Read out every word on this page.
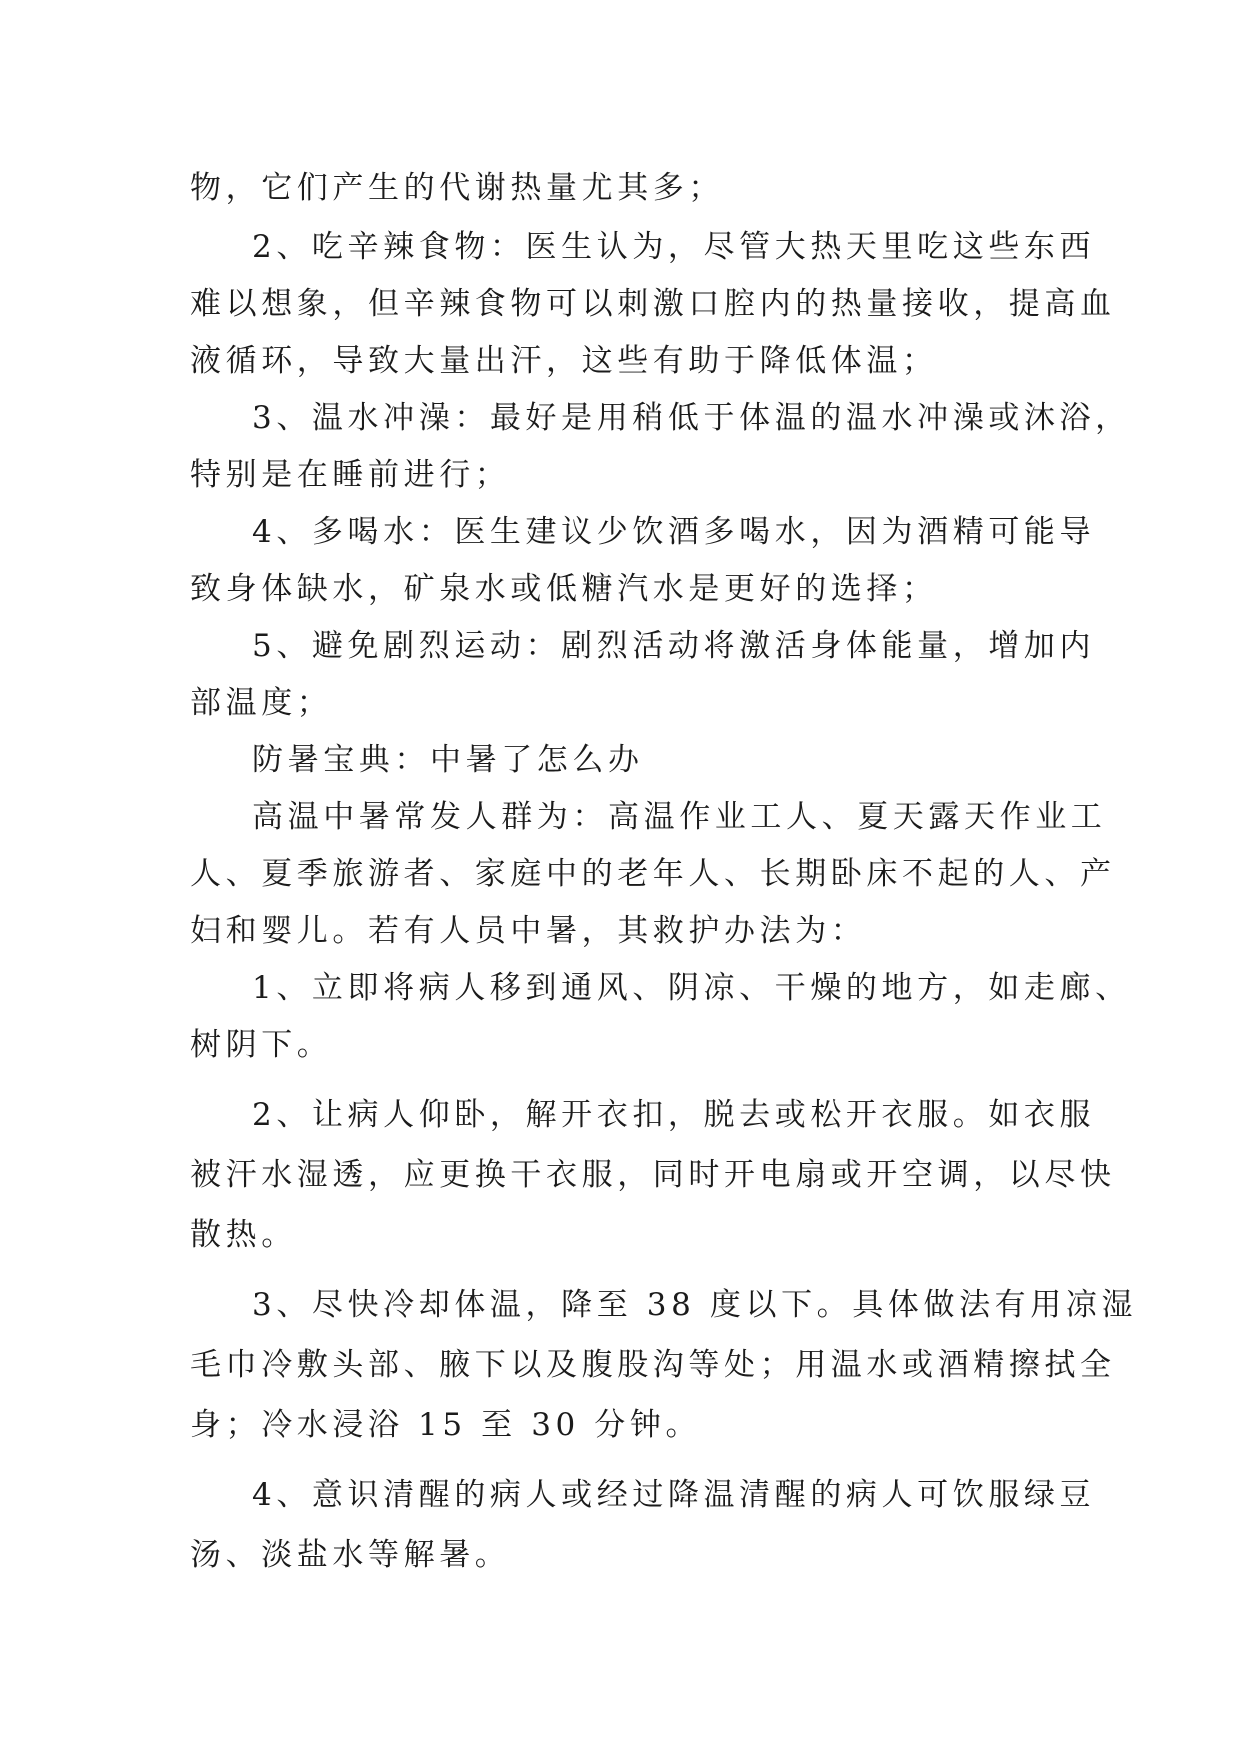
物，它们产生的代谢热量尤其多；
2、吃辛辣食物：医生认为，尽管大热天里吃这些东西
难以想象，但辛辣食物可以刺激口腔内的热量接收，提高血
液循环，导致大量出汗，这些有助于降低体温；
3、温水冲澡：最好是用稍低于体温的温水冲澡或沐浴，
特别是在睡前进行；
4、多喝水：医生建议少饮酒多喝水，因为酒精可能导
致身体缺水，矿泉水或低糖汽水是更好的选择；
5、避免剧烈运动：剧烈活动将激活身体能量，增加内
部温度；
防暑宝典：中暑了怎么办
高温中暑常发人群为：高温作业工人、夏天露天作业工
人、夏季旅游者、家庭中的老年人、长期卧床不起的人、产
妇和婴儿。若有人员中暑，其救护办法为：
1、立即将病人移到通风、阴凉、干燥的地方，如走廊、
树阴下。
2、让病人仰卧，解开衣扣，脱去或松开衣服。如衣服
被汗水湿透，应更换干衣服，同时开电扇或开空调，以尽快
散热。
3、尽快冷却体温，降至 38 度以下。具体做法有用凉湿
毛巾冷敷头部、腋下以及腹股沟等处；用温水或酒精擦拭全
身；冷水浸浴 15 至 30 分钟。
4、意识清醒的病人或经过降温清醒的病人可饮服绿豆
汤、淡盐水等解暑。
